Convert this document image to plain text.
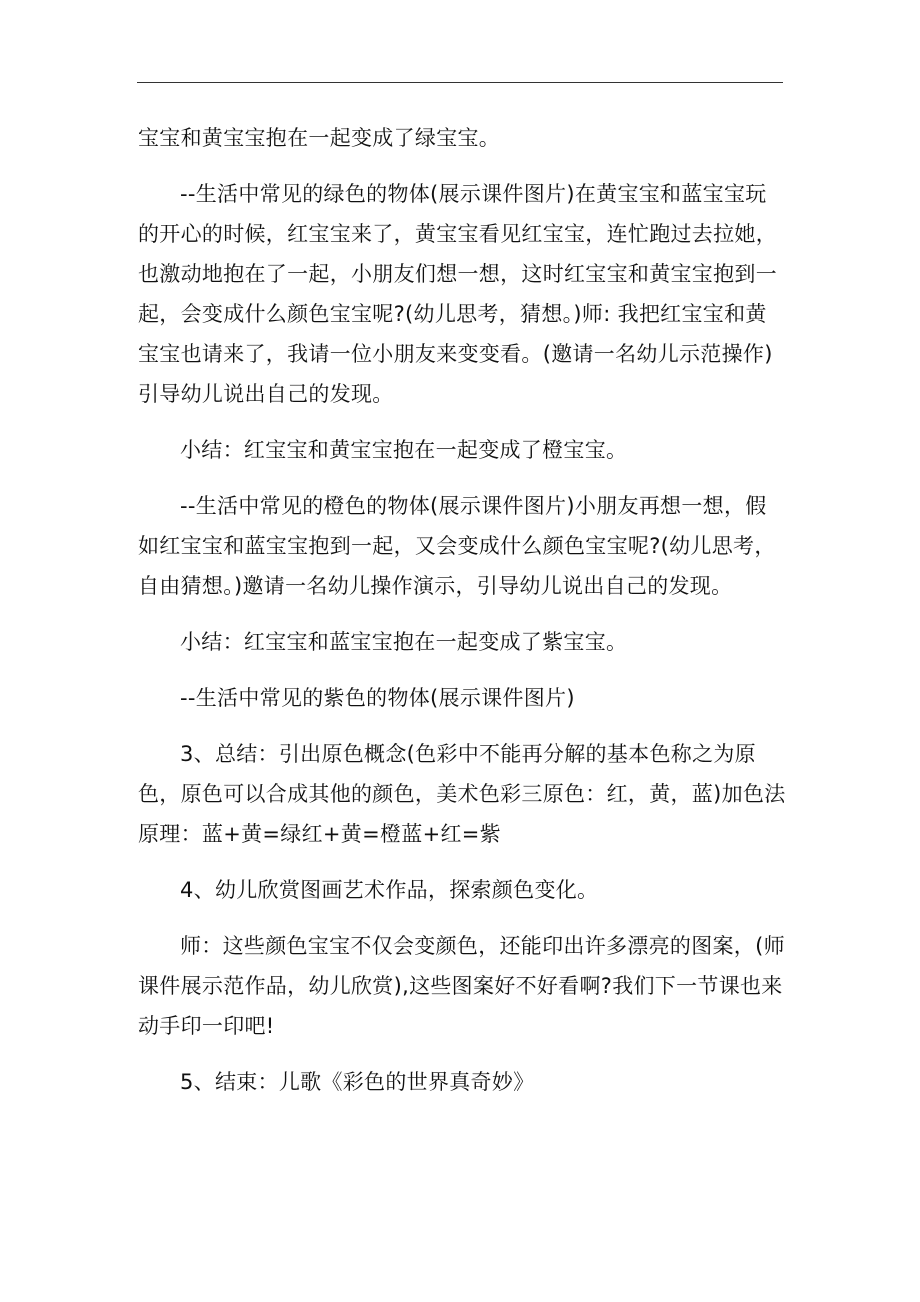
宝宝和黄宝宝抱在一起变成了绿宝宝。

--生活中常见的绿色的物体(展示课件图片)在黄宝宝和蓝宝宝玩的开心的时候，红宝宝来了，黄宝宝看见红宝宝，连忙跑过去拉她，也激动地抱在了一起，小朋友们想一想，这时红宝宝和黄宝宝抱到一起，会变成什么颜色宝宝呢?(幼儿思考，猜想。)师: 我把红宝宝和黄宝宝也请来了，我请一位小朋友来变变看。(邀请一名幼儿示范操作)引导幼儿说出自己的发现。

小结：红宝宝和黄宝宝抱在一起变成了橙宝宝。

--生活中常见的橙色的物体(展示课件图片)小朋友再想一想，假如红宝宝和蓝宝宝抱到一起，又会变成什么颜色宝宝呢?(幼儿思考，自由猜想。)邀请一名幼儿操作演示，引导幼儿说出自己的发现。

小结：红宝宝和蓝宝宝抱在一起变成了紫宝宝。

--生活中常见的紫色的物体(展示课件图片)

3、总结：引出原色概念(色彩中不能再分解的基本色称之为原色，原色可以合成其他的颜色，美术色彩三原色：红，黄，蓝)加色法原理：蓝+黄=绿红+黄=橙蓝+红=紫

4、幼儿欣赏图画艺术作品，探索颜色变化。

师：这些颜色宝宝不仅会变颜色，还能印出许多漂亮的图案，(师课件展示范作品，幼儿欣赏),这些图案好不好看啊?我们下一节课也来动手印一印吧!

5、结束：儿歌《彩色的世界真奇妙》
